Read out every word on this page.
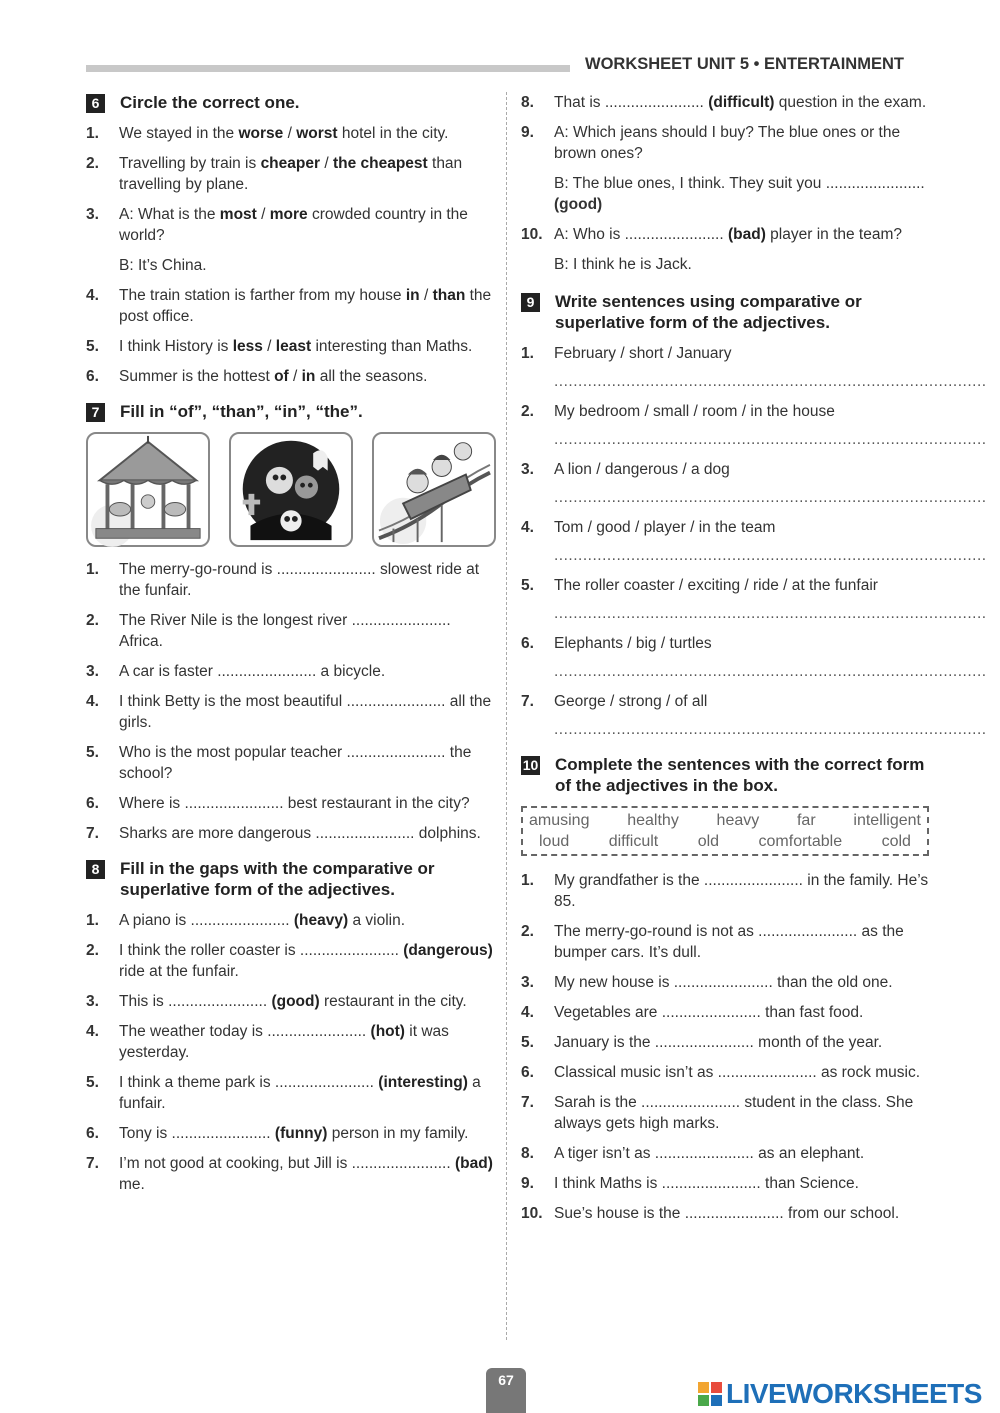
WORKSHEET UNIT 5 • ENTERTAINMENT
6	Circle the correct one.
1.	We stayed in the worse / worst hotel in the city.
2.	Travelling by train is cheaper / the cheapest than travelling by plane.
3.	A: What is the most / more crowded country in the world?
B: It’s China.
4.	The train station is farther from my house in / than the post office.
5.	I think History is less / least interesting than Maths.
6.	Summer is the hottest of / in all the seasons.
7	Fill in “of”, “than”, “in”, “the”.
1.	The merry-go-round is ....................... slowest ride at the funfair.
2.	The River Nile is the longest river ....................... Africa.
3.	A car is faster ....................... a bicycle.
4.	I think Betty is the most beautiful ....................... all the girls.
5.	Who is the most popular teacher ....................... the school?
6.	Where is ....................... best restaurant in the city?
7.	Sharks are more dangerous ....................... dolphins.
8	Fill in the gaps with the comparative or superlative form of the adjectives.
1.	A piano is ....................... (heavy) a violin.
2.	I think the roller coaster is ....................... (dangerous) ride at the funfair.
3.	This is ....................... (good) restaurant in the city.
4.	The weather today is ....................... (hot) it was yesterday.
5.	I think a theme park is ....................... (interesting) a funfair.
6.	Tony is ....................... (funny) person in my family.
7.	I’m not good at cooking, but Jill is ....................... (bad) me.
8.	That is ....................... (difficult) question in the exam.
9.	A: Which jeans should I buy? The blue ones or the brown ones?
B: The blue ones, I think. They suit you ....................... (good)
10. A: Who is ....................... (bad) player in the team?
B: I think he is Jack.
9	Write sentences using comparative or superlative form of the adjectives.
1.	February / short / January
..........................................................................................
2.	My bedroom / small / room / in the house
..........................................................................................
3.	A lion / dangerous / a dog
..........................................................................................
4.	Tom / good / player / in the team
..........................................................................................
5.	The roller coaster / exciting / ride / at the funfair
..........................................................................................
6.	Elephants / big / turtles
..........................................................................................
7.	George / strong / of all
..........................................................................................
10 Complete the sentences with the correct form of the adjectives in the box.
amusing healthy heavy far intelligent
loud difficult old comfortable cold
1.	My grandfather is the ....................... in the family. He’s 85.
2.	The merry-go-round is not as ....................... as the bumper cars. It’s dull.
3.	My new house is ....................... than the old one.
4.	Vegetables are ....................... than fast food.
5.	January is the ....................... month of the year.
6.	Classical music isn’t as ....................... as rock music.
7.	Sarah is the ....................... student in the class. She always gets high marks.
8.	A tiger isn’t as ....................... as an elephant.
9.	I think Maths is ....................... than Science.
10. Sue’s house is the ....................... from our school.
67	LIVEWORKSHEETS
